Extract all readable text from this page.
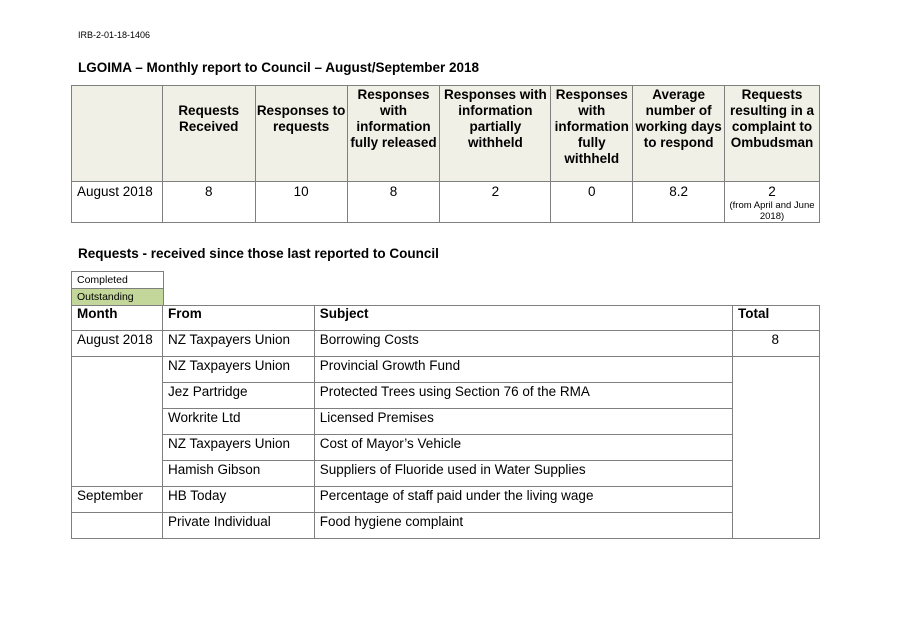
IRB-2-01-18-1406
LGOIMA – Monthly report to Council – August/September 2018

	Requests Received	Responses to requests	Responses with information fully released	Responses with information partially withheld	Responses with information fully withheld	Average number of working days to respond	Requests resulting in a complaint to Ombudsman
August 2018	8	10	8	2	0	8.2	2
(from April and June 2018)
Requests - received since those last reported to Council
Completed
Outstanding
Month	From	Subject	Total
August 2018	NZ Taxpayers Union	Borrowing Costs	8
	NZ Taxpayers Union	Provincial Growth Fund	
	Jez Partridge	Protected Trees using Section 76 of the RMA	
	Workrite Ltd	Licensed Premises	
	NZ Taxpayers Union	Cost of Mayor’s Vehicle	
	Hamish Gibson	Suppliers of Fluoride used in Water Supplies	
September	HB Today	Percentage of staff paid under the living wage	
	Private Individual	Food hygiene complaint	
